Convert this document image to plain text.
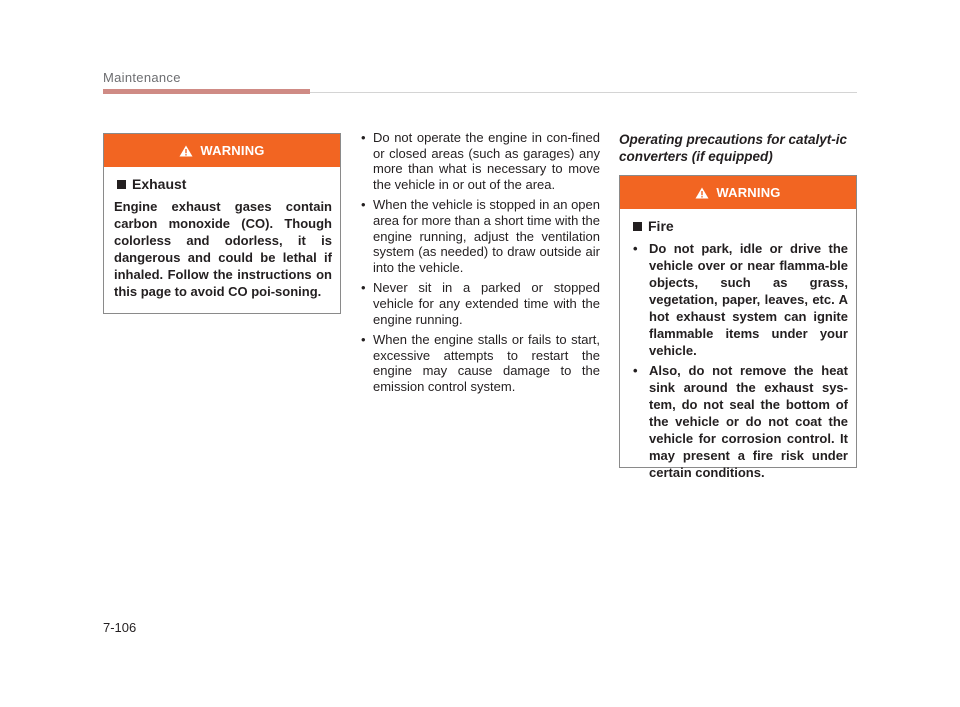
Maintenance
WARNING
Exhaust

Engine exhaust gases contain carbon monoxide (CO). Though colorless and odorless, it is dangerous and could be lethal if inhaled. Follow the instructions on this page to avoid CO poi-soning.

• Do not operate the engine in con-fined or closed areas (such as garages) any more than what is necessary to move the vehicle in or out of the area.
• When the vehicle is stopped in an open area for more than a short time with the engine running, adjust the ventilation system (as needed) to draw outside air into the vehicle.
• Never sit in a parked or stopped vehicle for any extended time with the engine running.
• When the engine stalls or fails to start, excessive attempts to restart the engine may cause damage to the emission control system.

Operating precautions for catalyt-ic converters (if equipped)

WARNING
Fire
• Do not park, idle or drive the vehicle over or near flamma-ble objects, such as grass, vegetation, paper, leaves, etc. A hot exhaust system can ignite flammable items under your vehicle.
• Also, do not remove the heat sink around the exhaust sys-tem, do not seal the bottom of the vehicle or do not coat the vehicle for corrosion control. It may present a fire risk under certain conditions.
7-106
